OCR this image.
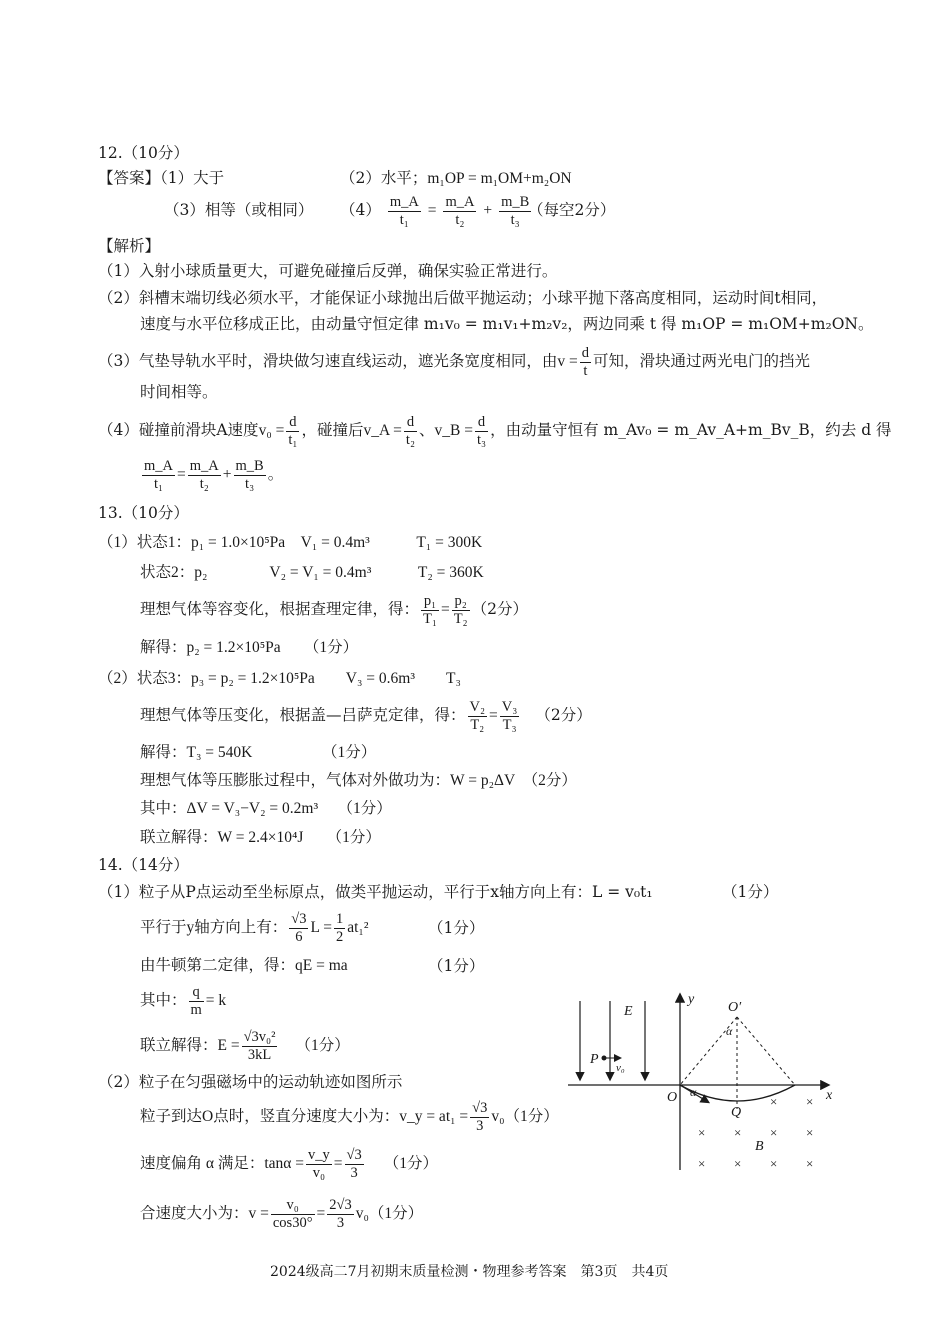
12.（10分）
【答案】（1）大于	（2）水平；m₁OP = m₁OM+m₂ON
（3）相等（或相同） $(4) \frac{m\_A}{\text{t₁}} = \frac{m\_A}{\text{t₂}} + \frac{m\_B}{\text{t₃}}$
（每空2分）
【解析】
（1）入射小球质量更大，可避免碰撞后反弹，确保实验正常进行。
（2）斜槽末端切线必须水平，才能保证小球抛出后做平抛运动；小球平抛下落高度相同，运动时间t相同，
速度与水平位移成正比，由动量守恒定律 m₁v₀ = m₁v₁+m₂v₂，两边同乘 t 得 m₁OP = m₁OM+m₂ON。
（3）气垫导轨水平时，滑块做匀速直线运动，遮光条宽度相同，由$v = \frac{d}{t}$ 可知，滑块通过两光电门的挡光
时间相等。
（4）碰撞前滑块A速度$v_0 = \frac{d}{\text{t₁}}$ ，碰撞后v_A = $\frac{d}{\text{t₂}}$ 、v_B = $\frac{d}{\text{t₃}}$ ，由动量守恒有 m_Av₀ = m_Av_A+m_Bv_B，约去 d 得
$\frac{m\_A}{\text{t₁}} = \frac{m\_A}{\text{t₂}} + \frac{m\_B}{\text{t₃}}$ 。
13.（10分）
（1）状态1：p₁ = 1.0×10⁵Pa　V₁ = 0.4m³　　　T₁ = 300K
状态2：p₂　　　　V₂ = V₁ = 0.4m³　　　T₂ = 360K
理想气体等容变化，根据查理定律，得： $\frac{\text{p₁}}{\text{T₁}} = \frac{\text{p₂}}{\text{T₂}} (2$分）
解得：p₂ = 1.2×10⁵Pa　　（1分）
（2）状态3：p₃ = p₂ = 1.2×10⁵Pa　　V₃ = 0.6m³　　T₃
理想气体等压变化，根据盖—吕萨克定律，得： $\frac{\text{V₂}}{\text{T₂}} = \frac{\text{V₃}}{\text{T₃}} (2$分）
解得：T₃ = 540K　　　　　（1分）
理想气体等压膨胀过程中，气体对外做功为：W = p₂ΔV　（2分）
其中：ΔV = V₃−V₂ = 0.2m³　 （1分）
联立解得：W = 2.4×10⁴J　　（1分）
14.（14分）
（1）粒子从P点运动至坐标原点，做类平抛运动，平行于x轴方向上有：L = v₀t₁	（1分）
平行于y轴方向上有： $\frac{√3}{6}$ $L = \frac{1}{2} at_1^2$	（1分）
由牛顿第二定律，得：qE = ma	（1分）
其中： $\frac{q}{m} = k$
联立解得：$E = \frac{\text{√3v₀²}}{3kL} (1$分）
（2）粒子在匀强磁场中的运动轨迹如图所示
粒子到达O点时，竖直分速度大小为：v_y = $at_1 = \frac{√3}{3} v_0(1$分）
速度偏角 α 满足：$\tan\alpha = \frac{v\_y}{\text{v₀}} = \frac{√3}{3} (1$分）
合速度大小为：$v = \frac{\text{v₀}}{\cos 30^\circ} = \frac{2√3}{3} v_0(1$分）
E
y
x
O
O′
α
α
Q
P
v₀
× ×
× × × ×
× × × ×
B
2024级高二7月初期末质量检测・物理参考答案　第3页　共4页
